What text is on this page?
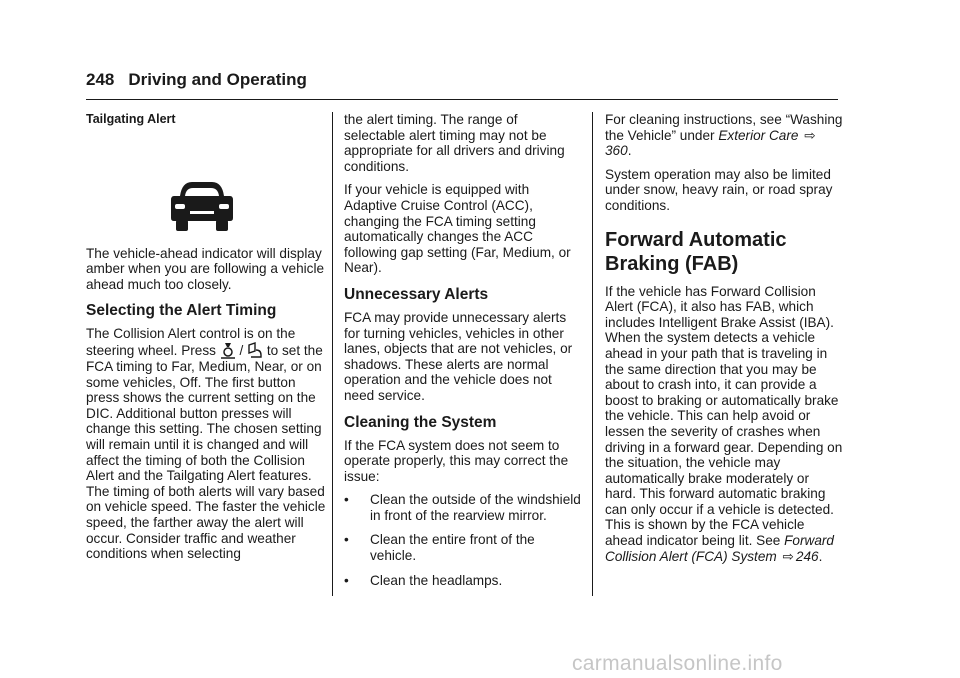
248 Driving and Operating

Tailgating Alert

The vehicle-ahead indicator will display amber when you are following a vehicle ahead much too closely.

Selecting the Alert Timing

The Collision Alert control is on the steering wheel. Press  /  to set the FCA timing to Far, Medium, Near, or on some vehicles, Off. The first button press shows the current setting on the DIC. Additional button presses will change this setting. The chosen setting will remain until it is changed and will affect the timing of both the Collision Alert and the Tailgating Alert features. The timing of both alerts will vary based on vehicle speed. The faster the vehicle speed, the farther away the alert will occur. Consider traffic and weather conditions when selecting

the alert timing. The range of selectable alert timing may not be appropriate for all drivers and driving conditions.

If your vehicle is equipped with Adaptive Cruise Control (ACC), changing the FCA timing setting automatically changes the ACC following gap setting (Far, Medium, or Near).

Unnecessary Alerts

FCA may provide unnecessary alerts for turning vehicles, vehicles in other lanes, objects that are not vehicles, or shadows. These alerts are normal operation and the vehicle does not need service.

Cleaning the System

If the FCA system does not seem to operate properly, this may correct the issue:

•	Clean the outside of the windshield in front of the rearview mirror.
•	Clean the entire front of the vehicle.
•	Clean the headlamps.

For cleaning instructions, see “Washing the Vehicle” under Exterior Care ⇨360.

System operation may also be limited under snow, heavy rain, or road spray conditions.

Forward Automatic Braking (FAB)

If the vehicle has Forward Collision Alert (FCA), it also has FAB, which includes Intelligent Brake Assist (IBA). When the system detects a vehicle ahead in your path that is traveling in the same direction that you may be about to crash into, it can provide a boost to braking or automatically brake the vehicle. This can help avoid or lessen the severity of crashes when driving in a forward gear. Depending on the situation, the vehicle may automatically brake moderately or hard. This forward automatic braking can only occur if a vehicle is detected. This is shown by the FCA vehicle ahead indicator being lit. See Forward Collision Alert (FCA) System ⇨ 246.

carmanualsonline.info
